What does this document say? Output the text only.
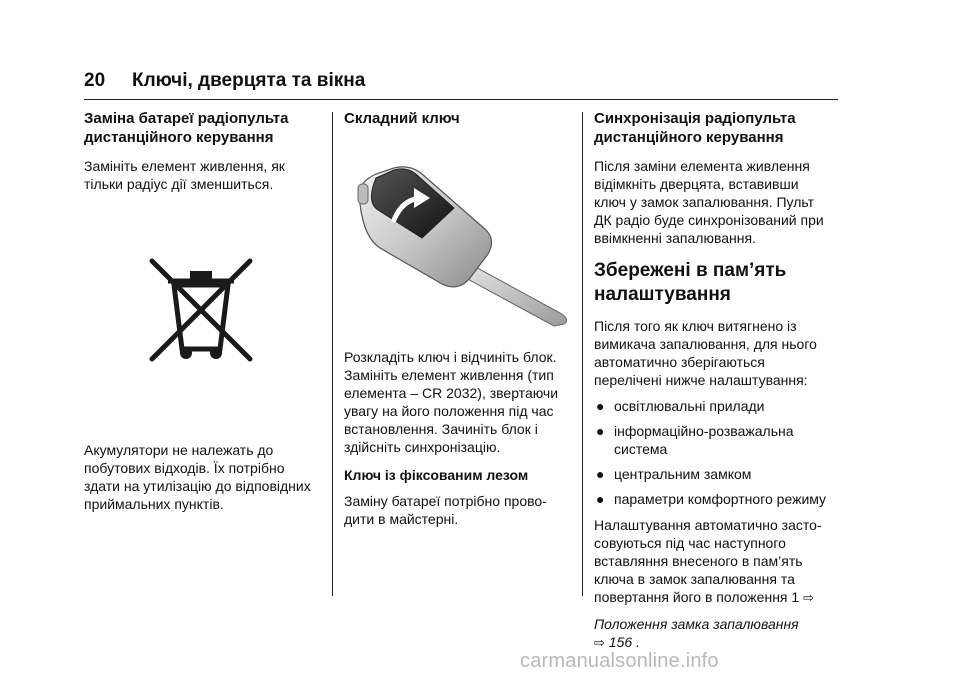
20 Ключі, дверцята та вікна
Заміна батареї радіопульта дистанційного керування
Замініть елемент живлення, як тільки радіус дії зменшиться.
Акумулятори не належать до побутових відходів. Їх потрібно здати на утилізацію до відповідних приймальних пунктів.
Складний ключ
Розкладіть ключ і відчиніть блок. Замініть елемент живлення (тип елемента – CR 2032), звертаючи увагу на його положення під час встановлення. Зачиніть блок і здійсніть синхронізацію.
Ключ із фіксованим лезом
Заміну батареї потрібно прово- дити в майстерні.
Синхронізація радіопульта дистанційного керування
Після заміни елемента живлення відімкніть дверцята, вставивши ключ у замок запалювання. Пульт ДК радіо буде синхронізований при ввімкненні запалювання.
Збережені в пам’ять налаштування
Після того як ключ витягнено із вимикача запалювання, для нього автоматично зберігаються переліченi нижче налаштування:
● освітлювальні прилади
● інформаційно-розважальна система
● центральним замком
● параметри комфортного режиму
Налаштування автоматично засто- совуються під час наступного вставляння внесеного в пам’ять ключа в замок запалювання та повертання його в положення 1 ⇨
Положення замка запалювання
⇨ 156 .
carmanualsonline.info
